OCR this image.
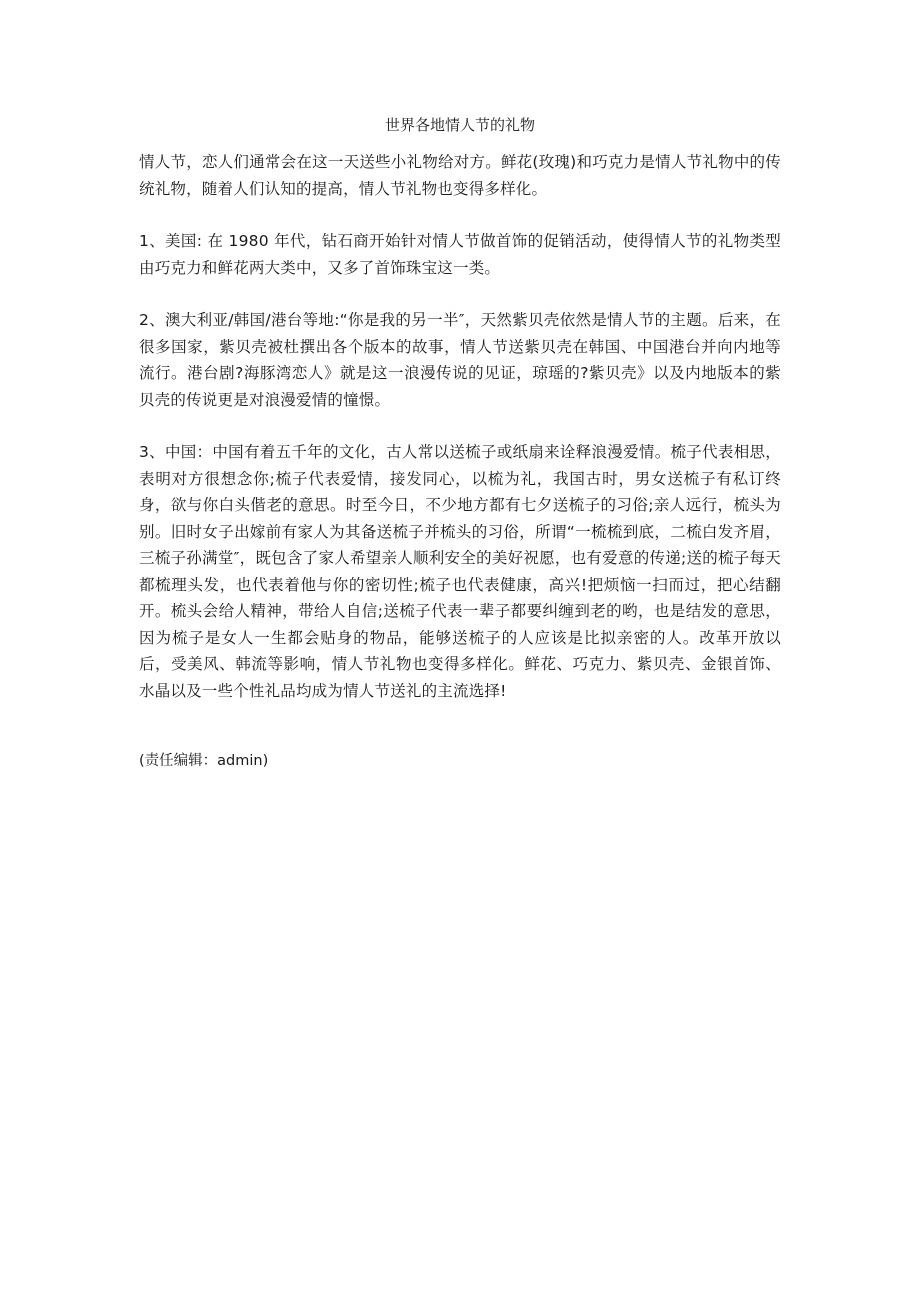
世界各地情人节的礼物

情人节，恋人们通常会在这一天送些小礼物给对方。鲜花(玫瑰)和巧克力是情人节礼物中的传统礼物，随着人们认知的提高，情人节礼物也变得多样化。

1、美国: 在 1980 年代，钻石商开始针对情人节做首饰的促销活动，使得情人节的礼物类型由巧克力和鲜花两大类中，又多了首饰珠宝这一类。

2、澳大利亚/韩国/港台等地:“你是我的另一半″，天然紫贝壳依然是情人节的主题。后来，在很多国家，紫贝壳被杜撰出各个版本的故事，情人节送紫贝壳在韩国、中国港台并向内地等流行。港台剧?海豚湾恋人》就是这一浪漫传说的见证，琼瑶的?紫贝壳》以及内地版本的紫贝壳的传说更是对浪漫爱情的憧憬。

3、中国：中国有着五千年的文化，古人常以送梳子或纸扇来诠释浪漫爱情。梳子代表相思，表明对方很想念你;梳子代表爱情，接发同心，以梳为礼，我国古时，男女送梳子有私订终身，欲与你白头偕老的意思。时至今日，不少地方都有七夕送梳子的习俗;亲人远行，梳头为别。旧时女子出嫁前有家人为其备送梳子并梳头的习俗，所谓“一梳梳到底，二梳白发齐眉，三梳子孙满堂″，既包含了家人希望亲人顺利安全的美好祝愿，也有爱意的传递;送的梳子每天都梳理头发，也代表着他与你的密切性;梳子也代表健康，高兴!把烦恼一扫而过，把心结翻开。梳头会给人精神，带给人自信;送梳子代表一辈子都要纠缠到老的哟，也是结发的意思，因为梳子是女人一生都会贴身的物品，能够送梳子的人应该是比拟亲密的人。改革开放以后，受美风、韩流等影响，情人节礼物也变得多样化。鲜花、巧克力、紫贝壳、金银首饰、水晶以及一些个性礼品均成为情人节送礼的主流选择!

(责任编辑：admin)
